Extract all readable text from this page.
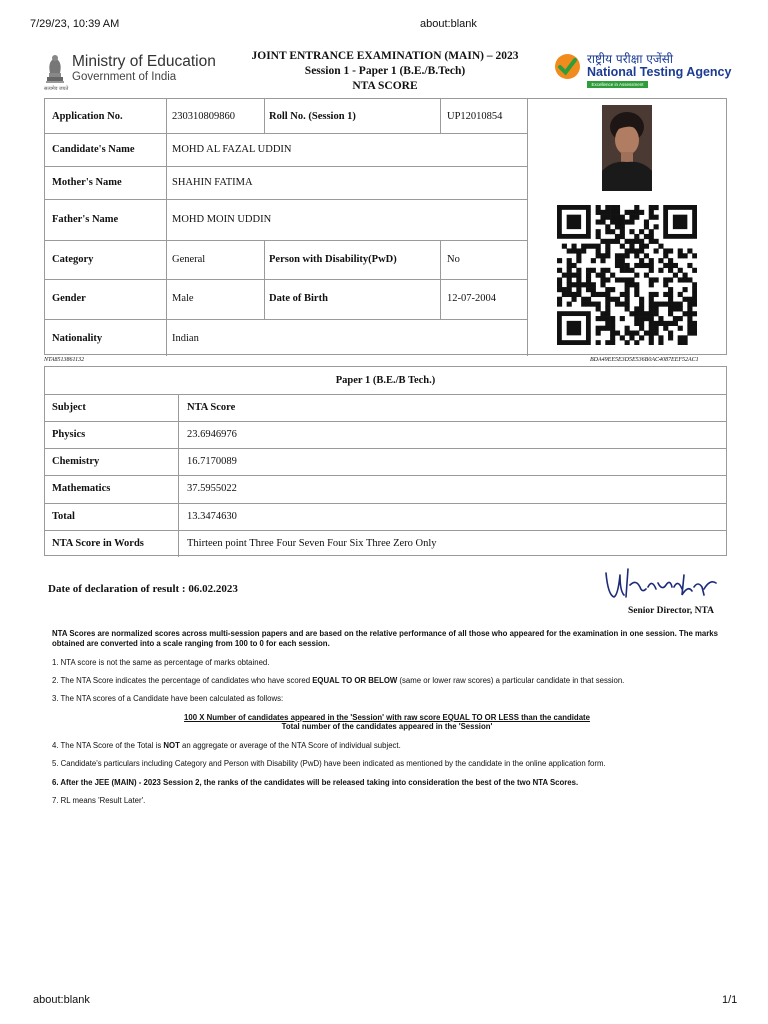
7/29/23, 10:39 AM	about:blank
about:blank	1/1
Ministry of Education
Government of India
सत्यमेव जयते
JOINT ENTRANCE EXAMINATION (MAIN) – 2023
Session 1 - Paper 1 (B.E./B.Tech)
NTA SCORE
राष्ट्रीय परीक्षा एजेंसी
National Testing Agency
Excellence in Assessment
Application No.	230310809860	Roll No. (Session 1)	UP12010854
Candidate's Name	MOHD AL FAZAL UDDIN
Mother's Name	SHAHIN FATIMA
Father's Name	MOHD MOIN UDDIN
Category	General	Person with Disability(PwD)	No
Gender	Male	Date of Birth	12-07-2004
Nationality	Indian
NTA8513861132	BDA49EE5E3D5E536B0AC4087EEF52AC1
Paper 1 (B.E./B Tech.)
Subject	NTA Score
Physics	23.6946976
Chemistry	16.7170089
Mathematics	37.5955022
Total	13.3474630
NTA Score in Words	Thirteen point Three Four Seven Four Six Three Zero Only
Date of declaration of result : 06.02.2023
Senior Director, NTA

NTA Scores are normalized scores across multi-session papers and are based on the relative performance of all those who appeared for the examination in one session. The marks obtained are converted into a scale ranging from 100 to 0 for each session.

1. NTA score is not the same as percentage of marks obtained.

2. The NTA Score indicates the percentage of candidates who have scored EQUAL TO OR BELOW (same or lower raw scores) a particular candidate in that session.

3. The NTA scores of a Candidate have been calculated as follows:

100 X Number of candidates appeared in the 'Session' with raw score EQUAL TO OR LESS than the candidate
Total number of the candidates appeared in the 'Session'

4. The NTA Score of the Total is NOT an aggregate or average of the NTA Score of individual subject.

5. Candidate's particulars including Category and Person with Disability (PwD) have been indicated as mentioned by the candidate in the online application form.

6. After the JEE (MAIN) - 2023 Session 2, the ranks of the candidates will be released taking into consideration the best of the two NTA Scores.

7. RL means 'Result Later'.
